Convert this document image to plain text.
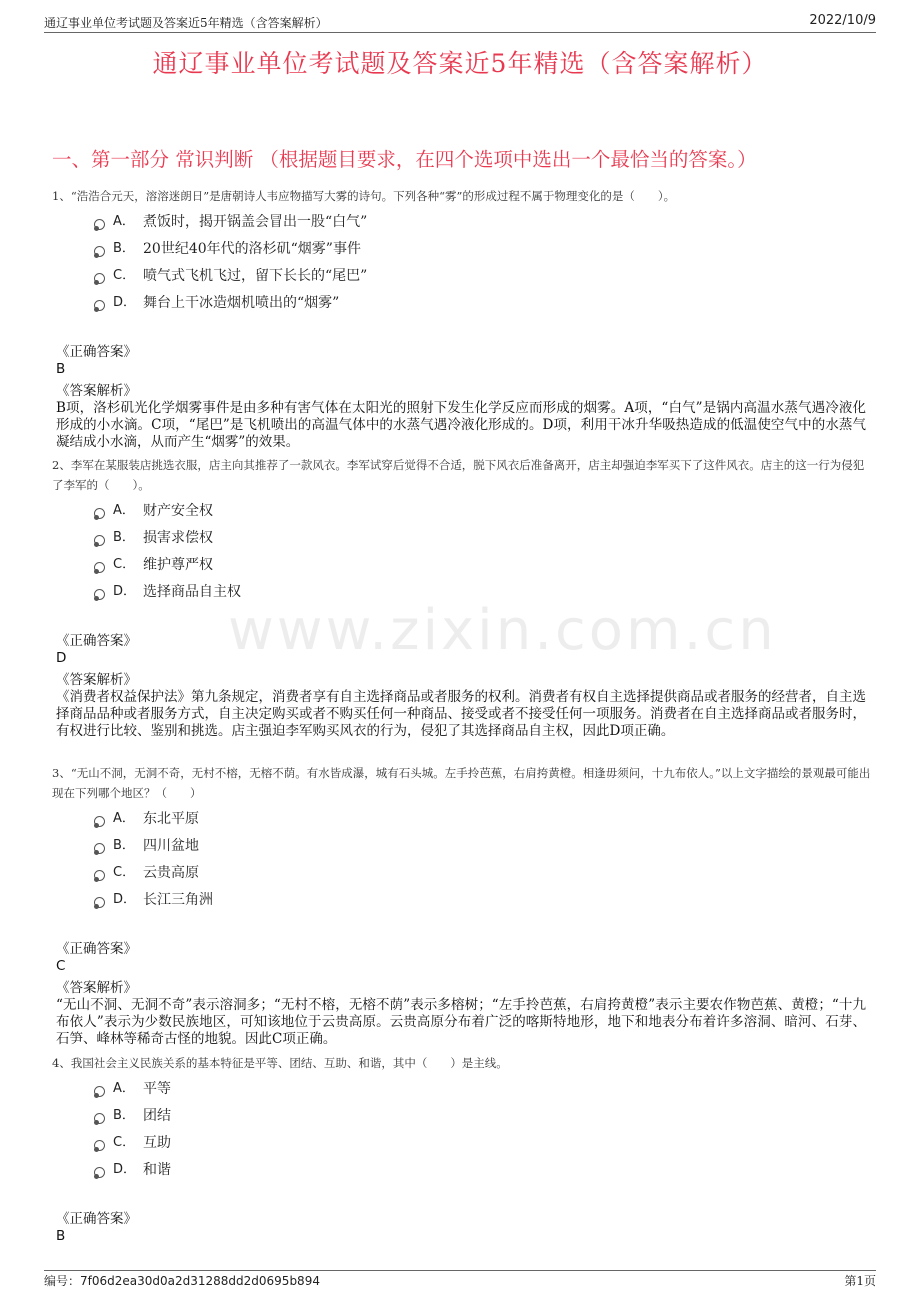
通辽事业单位考试题及答案近5年精选（含答案解析）	2022/10/9
通辽事业单位考试题及答案近5年精选（含答案解析）
一、第一部分 常识判断 （根据题目要求，在四个选项中选出一个最恰当的答案。）
www.zixin.com.cn
1、“浩浩合元天，溶溶迷朗日”是唐朝诗人韦应物描写大雾的诗句。下列各种“雾”的形成过程不属于物理变化的是（　　）。
A． 煮饭时，揭开锅盖会冒出一股“白气”
B． 20世纪40年代的洛杉矶“烟雾”事件
C． 喷气式飞机飞过，留下长长的“尾巴”
D． 舞台上干冰造烟机喷出的“烟雾”
《正确答案》
B
《答案解析》
B项，洛杉矶光化学烟雾事件是由多种有害气体在太阳光的照射下发生化学反应而形成的烟雾。A项，“白气”是锅内高温水蒸气遇冷液化形成的小水滴。C项，“尾巴”是飞机喷出的高温气体中的水蒸气遇冷液化形成的。D项，利用干冰升华吸热造成的低温使空气中的水蒸气凝结成小水滴，从而产生“烟雾”的效果。
2、李军在某服装店挑选衣服，店主向其推荐了一款风衣。李军试穿后觉得不合适，脱下风衣后准备离开，店主却强迫李军买下了这件风衣。店主的这一行为侵犯了李军的（　　）。
A． 财产安全权
B． 损害求偿权
C． 维护尊严权
D． 选择商品自主权
《正确答案》
D
《答案解析》
《消费者权益保护法》第九条规定，消费者享有自主选择商品或者服务的权利。消费者有权自主选择提供商品或者服务的经营者，自主选择商品品种或者服务方式，自主决定购买或者不购买任何一种商品、接受或者不接受任何一项服务。消费者在自主选择商品或者服务时，有权进行比较、鉴别和挑选。店主强迫李军购买风衣的行为，侵犯了其选择商品自主权，因此D项正确。
3、“无山不洞，无洞不奇，无村不榕，无榕不荫。有水皆成瀑，城有石头城。左手拎芭蕉，右肩挎黄橙。相逢毋须问，十九布依人。”以上文字描绘的景观最可能出现在下列哪个地区？（　　）
A． 东北平原
B． 四川盆地
C． 云贵高原
D． 长江三角洲
《正确答案》
C
《答案解析》
“无山不洞、无洞不奇”表示溶洞多；“无村不榕，无榕不荫”表示多榕树；“左手拎芭蕉，右肩挎黄橙”表示主要农作物芭蕉、黄橙；“十九布依人”表示为少数民族地区，可知该地位于云贵高原。云贵高原分布着广泛的喀斯特地形，地下和地表分布着许多溶洞、暗河、石芽、石笋、峰林等稀奇古怪的地貌。因此C项正确。
4、我国社会主义民族关系的基本特征是平等、团结、互助、和谐，其中（　　）是主线。
A． 平等
B． 团结
C． 互助
D． 和谐
《正确答案》
B
编号：7f06d2ea30d0a2d31288dd2d0695b894	第1页
